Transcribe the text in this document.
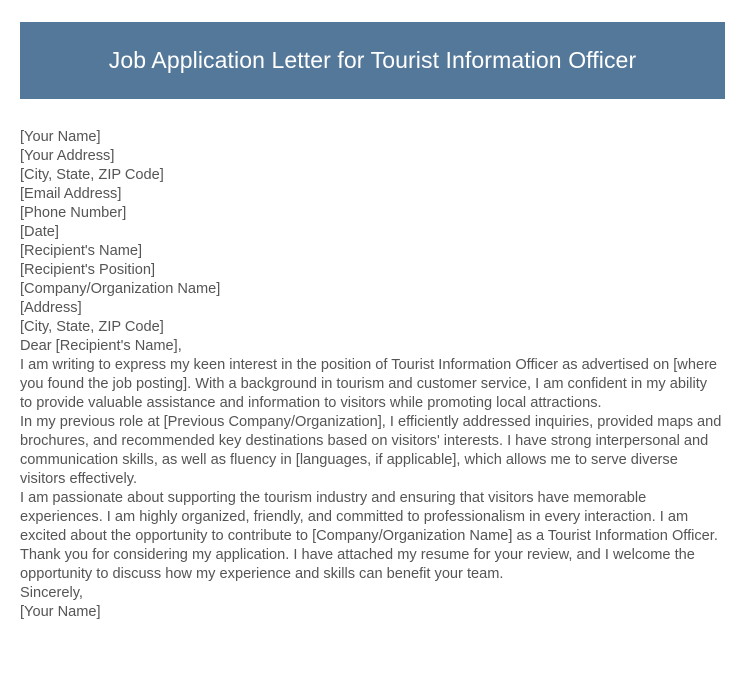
Job Application Letter for Tourist Information Officer
[Your Name]
[Your Address]
[City, State, ZIP Code]
[Email Address]
[Phone Number]
[Date]
[Recipient's Name]
[Recipient's Position]
[Company/Organization Name]
[Address]
[City, State, ZIP Code]
Dear [Recipient's Name],
I am writing to express my keen interest in the position of Tourist Information Officer as advertised on [where you found the job posting]. With a background in tourism and customer service, I am confident in my ability to provide valuable assistance and information to visitors while promoting local attractions.
In my previous role at [Previous Company/Organization], I efficiently addressed inquiries, provided maps and brochures, and recommended key destinations based on visitors' interests. I have strong interpersonal and communication skills, as well as fluency in [languages, if applicable], which allows me to serve diverse visitors effectively.
I am passionate about supporting the tourism industry and ensuring that visitors have memorable experiences. I am highly organized, friendly, and committed to professionalism in every interaction. I am excited about the opportunity to contribute to [Company/Organization Name] as a Tourist Information Officer.
Thank you for considering my application. I have attached my resume for your review, and I welcome the opportunity to discuss how my experience and skills can benefit your team.
Sincerely,
[Your Name]
